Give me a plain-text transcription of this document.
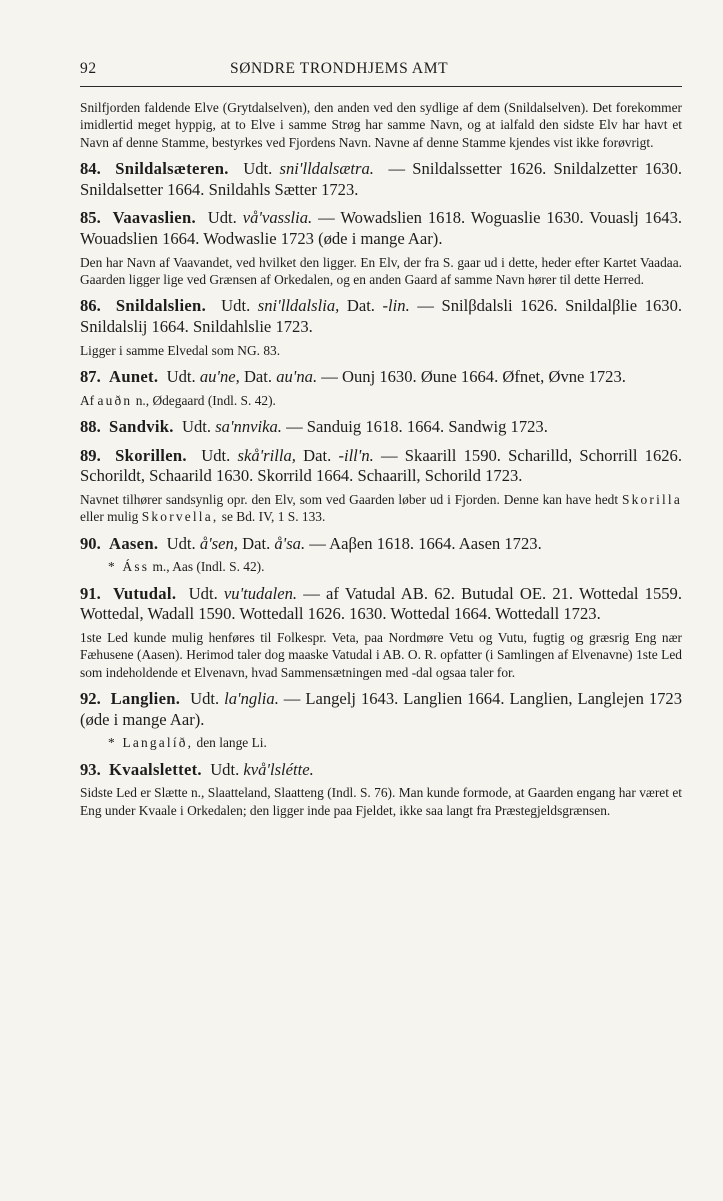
92	SØNDRE TRONDHJEMS AMT

Snilfjorden faldende Elve (Grytdalselven), den anden ved den sydlige af dem (Snildalselven). Det forekommer imidlertid meget hyppig, at to Elve i samme Strøg har samme Navn, og at ialfald den sidste Elv har havt et Navn af denne Stamme, bestyrkes ved Fjordens Navn. Navne af denne Stamme kjendes vist ikke forøvrigt.

84. Snildalsæteren. Udt. sni'lldalsætra. — Snildalssetter 1626. Snildalzetter 1630. Snildalsetter 1664. Snildahls Sætter 1723.

85. Vaavaslien. Udt. vå'vasslia. — Wowadslien 1618. Woguaslie 1630. Vouaslj 1643. Wouadslien 1664. Wodwaslie 1723 (øde i mange Aar).

Den har Navn af Vaavandet, ved hvilket den ligger. En Elv, der fra S. gaar ud i dette, heder efter Kartet Vaadaa. Gaarden ligger lige ved Grænsen af Orkedalen, og en anden Gaard af samme Navn hører til dette Herred.

86. Snildalslien. Udt. sni'lldalslia, Dat. -lin. — Snilβdalsli 1626. Snildalβlie 1630. Snildalslij 1664. Snildahlslie 1723.

Ligger i samme Elvedal som NG. 83.

87. Aunet. Udt. au'ne, Dat. au'na. — Ounj 1630. Øune 1664. Øfnet, Øvne 1723.

Af auðn n., Ødegaard (Indl. S. 42).

88. Sandvik. Udt. sa'nnvika. — Sanduig 1618. 1664. Sandwig 1723.

89. Skorillen. Udt. skå'rilla, Dat. -ill'n. — Skaarill 1590. Scharilld, Schorrill 1626. Schorildt, Schaarild 1630. Skorrild 1664. Schaarill, Schorild 1723.

Navnet tilhører sandsynlig opr. den Elv, som ved Gaarden løber ud i Fjorden. Denne kan have hedt Skorilla eller mulig Skorvella, se Bd. IV, 1 S. 133.

90. Aasen. Udt. å'sen, Dat. å'sa. — Aaβen 1618. 1664. Aasen 1723.

* Áss m., Aas (Indl. S. 42).

91. Vutudal. Udt. vu'tudalen. — af Vatudal AB. 62. Butudal OE. 21. Wottedal 1559. Wottedal, Wadall 1590. Wottedall 1626. 1630. Wottedal 1664. Wottedall 1723.

1ste Led kunde mulig henføres til Folkespr. Veta, paa Nordmøre Vetu og Vutu, fugtig og græsrig Eng nær Fæhusene (Aasen). Herimod taler dog maaske Vatudal i AB. O. R. opfatter (i Samlingen af Elvenavne) 1ste Led som indeholdende et Elvenavn, hvad Sammensætningen med -dal ogsaa taler for.

92. Langlien. Udt. la'nglia. — Langelj 1643. Langlien 1664. Langlien, Langlejen 1723 (øde i mange Aar).

* Langalíð, den lange Li.

93. Kvaalslettet. Udt. kvå'lslétte.

Sidste Led er Slætte n., Slaatteland, Slaatteng (Indl. S. 76). Man kunde formode, at Gaarden engang har været et Eng under Kvaale i Orkedalen; den ligger inde paa Fjeldet, ikke saa langt fra Præstegjeldsgrænsen.
